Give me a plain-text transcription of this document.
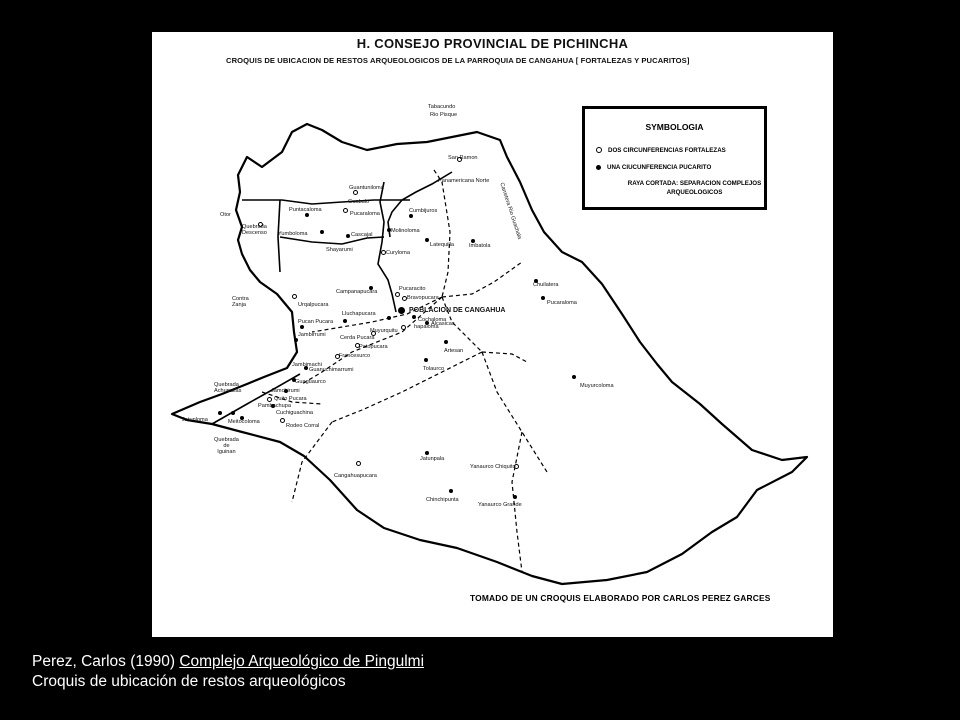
H. CONSEJO PROVINCIAL DE PICHINCHA
CROQUIS DE UBICACION DE RESTOS ARQUEOLOGICOS DE LA PARROQUIA DE CANGAHUA [ FORTALEZAS Y PUCARITOS]
SYMBOLOGIA
DOS CIRCUNFERENCIAS FORTALEZAS
UNA CIUCUNFERENCIA PUCARITO
RAYA CORTADA: SEPARACION COMPLEJOS ARQUEOLOGICOS
Tabacundo
Rio Pisque
San Ramon
Panamericana Norte
Carretera Rio Guachala
Guantuniloma
Guabulo
Otor
Puntacaloma
Pucaraloma	Cumbijuros
Quebrada
Descenso Yumboloma	Cascajal
Molinoloma
Imbatola
Shayarumi
Latequilla
Curyloma
Chuilatera
Campanapucara	Pucaracito
Bravopucara
Pucaraloma
Contra
Zanja	Urqalpucara
POBLACION DE CANGAHUA
Lluchapucara
Cochaloma
hapaloma
Alcasicas
Pucan Pucara
Muyurquitu
Jambirrumi	Cerda Pucara
Patopucara
Artesan
Francesurco
Jambimachi
Guanuchimarrumi	Tolaurco
Muyurcoloma
Quebrada
Achupallas
Guaguaurco
Jamchirumi
Quito Pucara
Pambachupa
Cuchiguachina
Jatunloma	Meitocoloma
Rodeo Corral
Quebrada
de
Iguinan
Jatunpala
Yanaurco Chiquito
Cangahuapucara
Chinchipunta
Yanaurco Grande
TOMADO DE UN CROQUIS ELABORADO POR CARLOS PEREZ GARCES
Perez, Carlos (1990) Complejo Arqueológico de Pingulmi
Croquis de ubicación de restos arqueológicos
